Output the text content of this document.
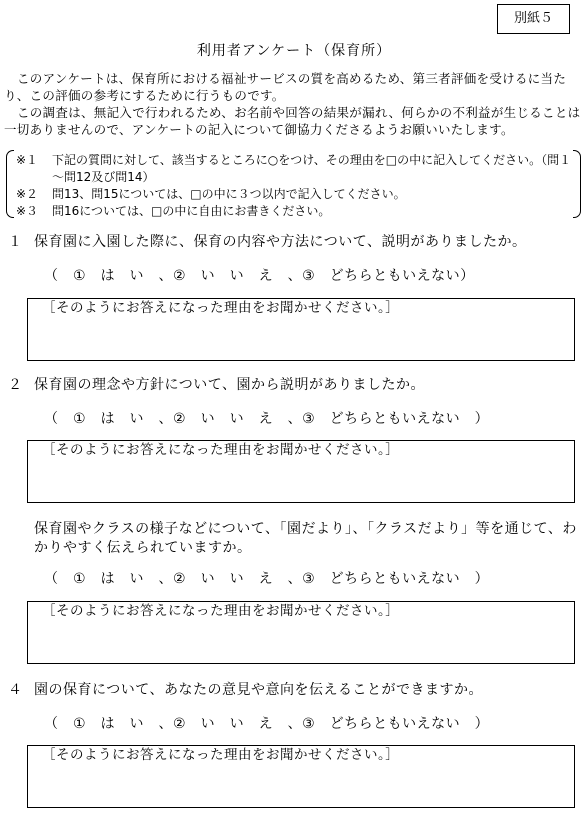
別紙５
利用者アンケート（保育所）

このアンケートは、保育所における福祉サービスの質を高めるため、第三者評価を受けるに当たり、この評価の参考にするために行うものです。

この調査は、無記入で行われるため、お名前や回答の結果が漏れ、何らかの不利益が生じることは一切ありませんので、アンケートの記入について御協力くださるようお願いいたします。

※１	下記の質問に対して、該当するところに○をつけ、その理由を□の中に記入してください。（問１～問12及び問14）
※２	問13、問15については、□の中に３つ以内で記入してください。
※３	問16については、□の中に自由にお書きください。
１ 保育園に入園した際に、保育の内容や方法について、説明がありましたか。
（　①　は　い　、②　い　い　え　、③　どちらともいえない）
［そのようにお答えになった理由をお聞かせください。］
２ 保育園の理念や方針について、園から説明がありましたか。
（　①　は　い　、②　い　い　え　、③　どちらともいえない　）
［そのようにお答えになった理由をお聞かせください。］
保育園やクラスの様子などについて、「園だより」、「クラスだより」等を通じて、わかりやすく伝えられていますか。
（　①　は　い　、②　い　い　え　、③　どちらともいえない　）
［そのようにお答えになった理由をお聞かせください。］
４ 園の保育について、あなたの意見や意向を伝えることができますか。
（　①　は　い　、②　い　い　え　、③　どちらともいえない　）
［そのようにお答えになった理由をお聞かせください。］
